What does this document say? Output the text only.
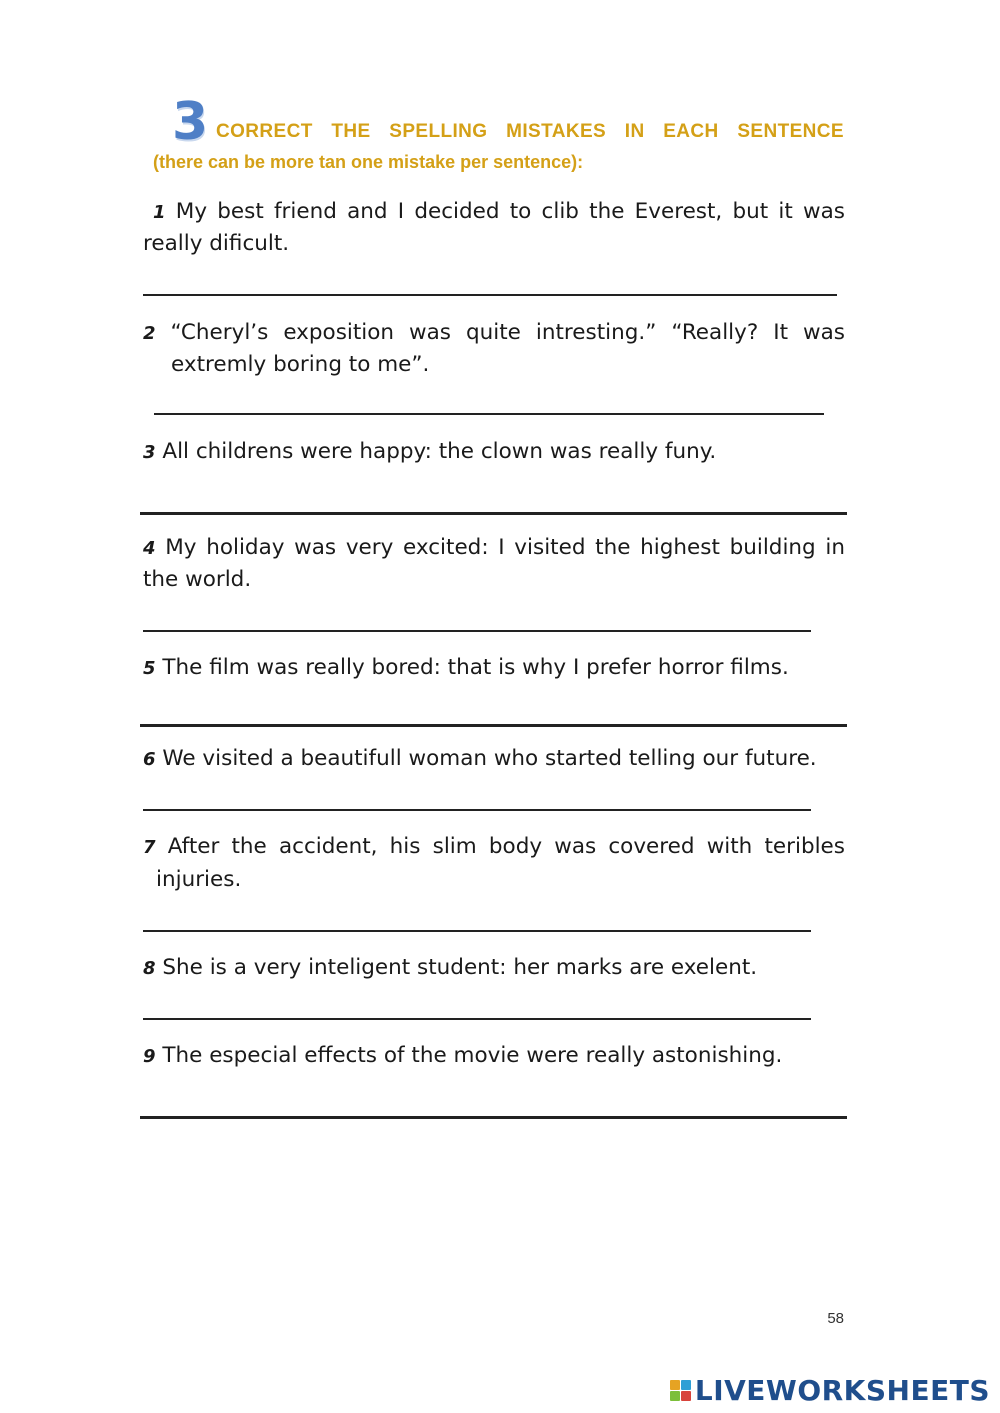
3 CORRECT THE SPELLING MISTAKES IN EACH SENTENCE
(there can be more tan one mistake per sentence):
1 My best friend and I decided to clib the Everest, but it was
really dificult.
2 “Cheryl’s exposition was quite intresting.” “Really? It was
extremly boring to me”.
3 All childrens were happy: the clown was really funy.
4 My holiday was very excited: I visited the highest building in
the world.
5 The film was really bored: that is why I prefer horror films.
6 We visited a beautifull woman who started telling our future.
7 After the accident, his slim body was covered with teribles
injuries.
8 She is a very inteligent student: her marks are exelent.
9 The especial effects of the movie were really astonishing.
58
LIVEWORKSHEETS
